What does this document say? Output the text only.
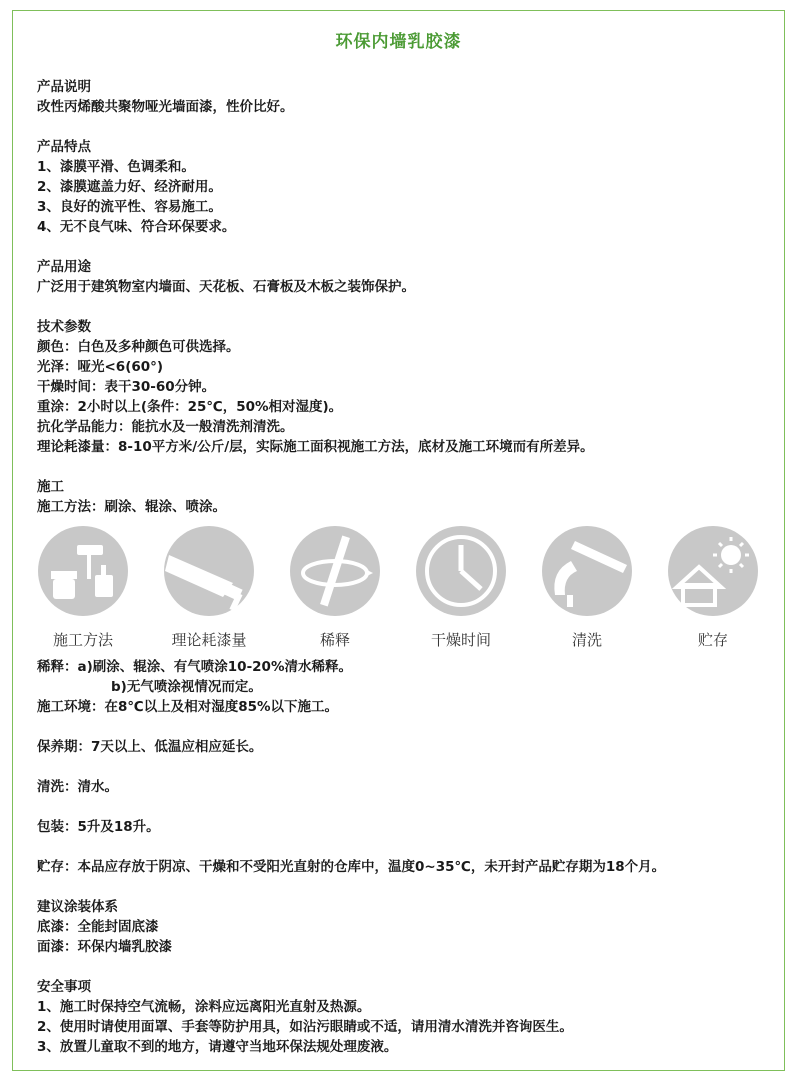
环保内墙乳胶漆
产品说明
改性丙烯酸共聚物哑光墙面漆，性价比好。
产品特点
1、漆膜平滑、色调柔和。
2、漆膜遮盖力好、经济耐用。
3、良好的流平性、容易施工。
4、无不良气味、符合环保要求。
产品用途
广泛用于建筑物室内墙面、天花板、石膏板及木板之装饰保护。
技术参数
颜色：白色及多种颜色可供选择。
光泽：哑光<6(60°)
干燥时间：表干30-60分钟。
重涂：2小时以上(条件：25℃，50%相对湿度)。
抗化学品能力：能抗水及一般清洗剂清洗。
理论耗漆量：8-10平方米/公斤/层，实际施工面积视施工方法，底材及施工环境而有所差异。
施工
施工方法：刷涂、辊涂、喷涂。
施工方法	理论耗漆量	稀释	干燥时间	清洗	贮存
稀释：a)刷涂、辊涂、有气喷涂10-20%清水稀释。
b)无气喷涂视情况而定。
施工环境：在8℃以上及相对湿度85%以下施工。
保养期：7天以上、低温应相应延长。
清洗：清水。
包装：5升及18升。
贮存：本品应存放于阴凉、干燥和不受阳光直射的仓库中，温度0~35℃，未开封产品贮存期为18个月。
建议涂装体系
底漆：全能封固底漆
面漆：环保内墙乳胶漆
安全事项
1、施工时保持空气流畅，涂料应远离阳光直射及热源。
2、使用时请使用面罩、手套等防护用具，如沾污眼睛或不适，请用清水清洗并咨询医生。
3、放置儿童取不到的地方，请遵守当地环保法规处理废液。
